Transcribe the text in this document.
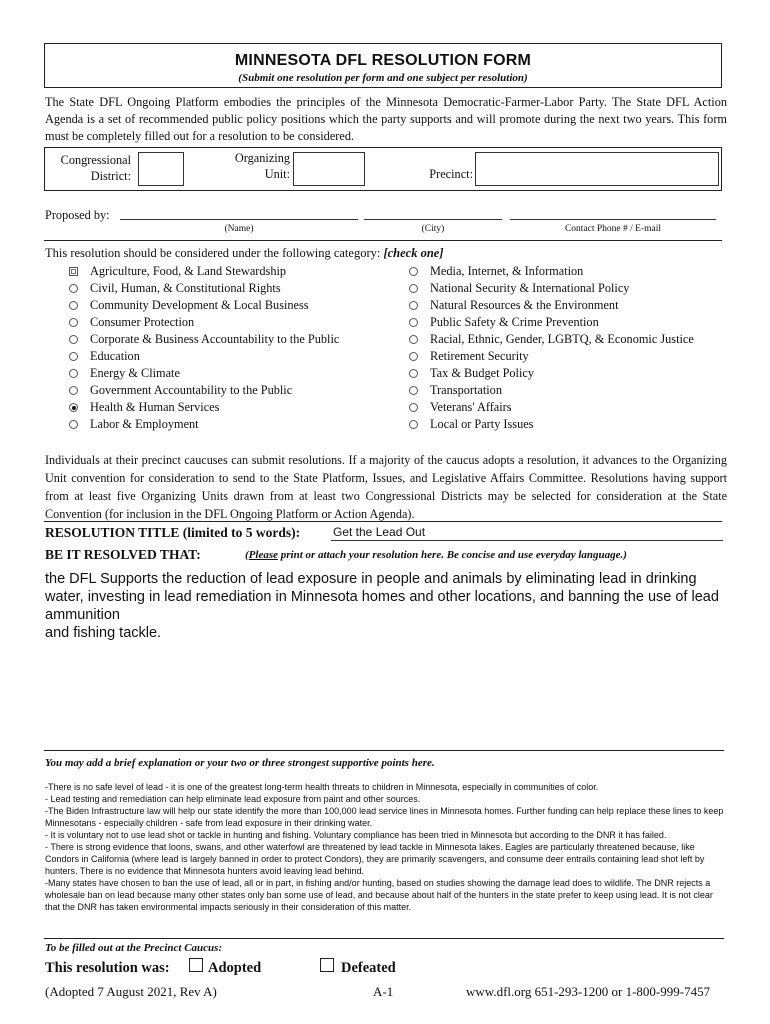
MINNESOTA DFL RESOLUTION FORM
(Submit one resolution per form and one subject per resolution)
The State DFL Ongoing Platform embodies the principles of the Minnesota Democratic-Farmer-Labor Party. The State DFL Action Agenda is a set of recommended public policy positions which the party supports and will promote during the next two years. This form must be completely filled out for a resolution to be considered.
Congressional
District:
Organizing
Unit:	Precinct:
Proposed by:
(Name)	(City)	Contact Phone # / E-mail
This resolution should be considered under the following category: [check one]
Agriculture, Food, & Land Stewardship
Civil, Human, & Constitutional Rights
Community Development & Local Business
Consumer Protection
Corporate & Business Accountability to the Public
Education
Energy & Climate
Government Accountability to the Public
Health & Human Services
Labor & Employment
Media, Internet, & Information
National Security & International Policy
Natural Resources & the Environment
Public Safety & Crime Prevention
Racial, Ethnic, Gender, LGBTQ, & Economic Justice
Retirement Security
Tax & Budget Policy
Transportation
Veterans' Affairs
Local or Party Issues
Individuals at their precinct caucuses can submit resolutions. If a majority of the caucus adopts a resolution, it advances to the Organizing Unit convention for consideration to send to the State Platform, Issues, and Legislative Affairs Committee. Resolutions having support from at least five Organizing Units drawn from at least two Congressional Districts may be selected for consideration at the State Convention (for inclusion in the DFL Ongoing Platform or Action Agenda).
RESOLUTION TITLE (limited to 5 words):	Get the Lead Out
BE IT RESOLVED THAT:	(Please print or attach your resolution here. Be concise and use everyday language.)
the DFL Supports the reduction of lead exposure in people and animals by eliminating lead in drinking water, investing in lead remediation in Minnesota homes and other locations, and banning the use of lead ammunition
and fishing tackle.
You may add a brief explanation or your two or three strongest supportive points here.
-There is no safe level of lead - it is one of the greatest long-term health threats to children in Minnesota, especially in communities of color.
- Lead testing and remediation can help eliminate lead exposure from paint and other sources.
-The Biden Infrastructure law will help our state identify the more than 100,000 lead service lines in Minnesota homes. Further funding can help replace these lines to keep Minnesotans - especially children - safe from lead exposure in their drinking water.
- It is voluntary not to use lead shot or tackle in hunting and fishing. Voluntary compliance has been tried in Minnesota but according to the DNR it has failed.
- There is strong evidence that loons, swans, and other waterfowl are threatened by lead tackle in Minnesota lakes. Eagles are particularly threatened because, like Condors in California (where lead is largely banned in order to protect Condors), they are primarily scavengers, and consume deer entrails containing lead shot left by hunters. There is no evidence that Minnesota hunters avoid leaving lead behind.
-Many states have chosen to ban the use of lead, all or in part, in fishing and/or hunting, based on studies showing the damage lead does to wildlife. The DNR rejects a wholesale ban on lead because many other states only ban some use of lead, and because about half of the hunters in the state prefer to keep using lead. It is not clear that the DNR has taken environmental impacts seriously in their consideration of this matter.
To be filled out at the Precinct Caucus:
This resolution was:	Adopted	Defeated
(Adopted 7 August 2021, Rev A)	A-1	www.dfl.org 651-293-1200 or 1-800-999-7457
